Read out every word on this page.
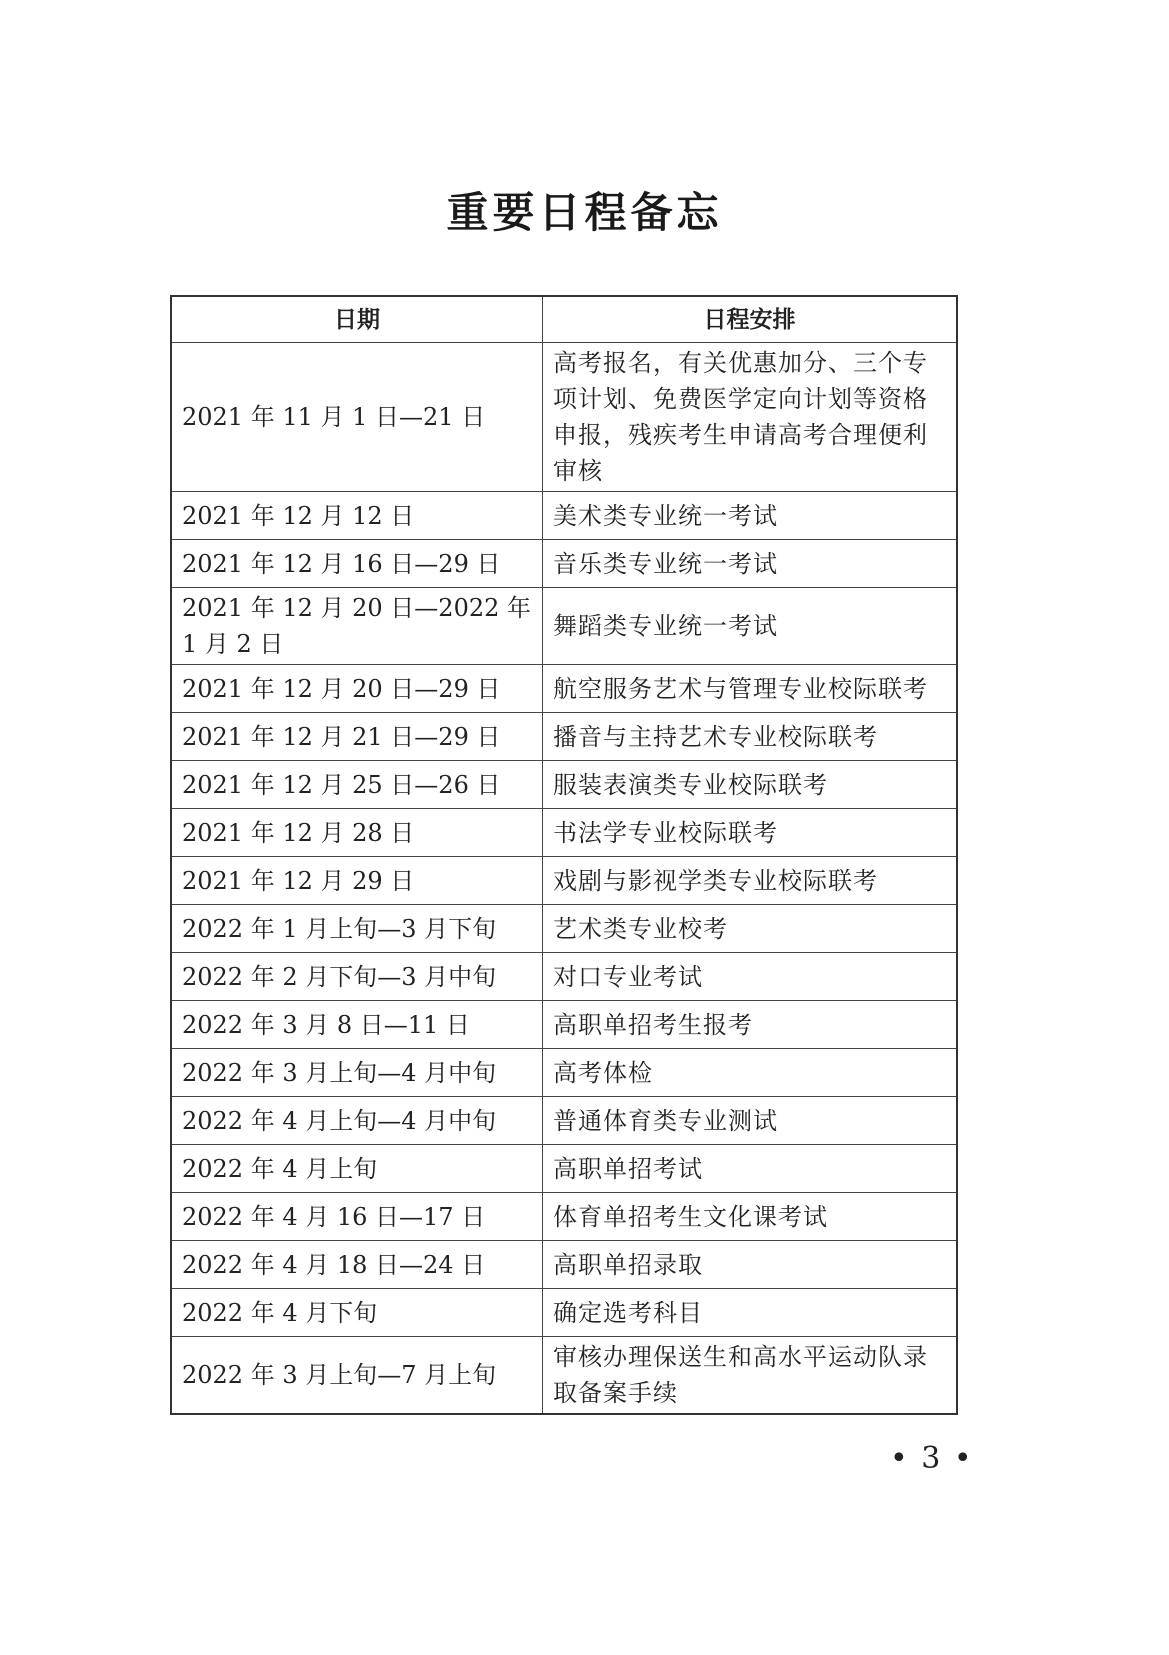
重要日程备忘
日期	日程安排
2021 年 11 月 1 日—21 日	高考报名，有关优惠加分、三个专项计划、免费医学定向计划等资格申报，残疾考生申请高考合理便利审核
2021 年 12 月 12 日	美术类专业统一考试
2021 年 12 月 16 日—29 日	音乐类专业统一考试
2021 年 12 月 20 日—2022 年 1 月 2 日	舞蹈类专业统一考试
2021 年 12 月 20 日—29 日	航空服务艺术与管理专业校际联考
2021 年 12 月 21 日—29 日	播音与主持艺术专业校际联考
2021 年 12 月 25 日—26 日	服装表演类专业校际联考
2021 年 12 月 28 日	书法学专业校际联考
2021 年 12 月 29 日	戏剧与影视学类专业校际联考
2022 年 1 月上旬—3 月下旬	艺术类专业校考
2022 年 2 月下旬—3 月中旬	对口专业考试
2022 年 3 月 8 日—11 日	高职单招考生报考
2022 年 3 月上旬—4 月中旬	高考体检
2022 年 4 月上旬—4 月中旬	普通体育类专业测试
2022 年 4 月上旬	高职单招考试
2022 年 4 月 16 日—17 日	体育单招考生文化课考试
2022 年 4 月 18 日—24 日	高职单招录取
2022 年 4 月下旬	确定选考科目
2022 年 3 月上旬—7 月上旬	审核办理保送生和高水平运动队录取备案手续
• 3 •
